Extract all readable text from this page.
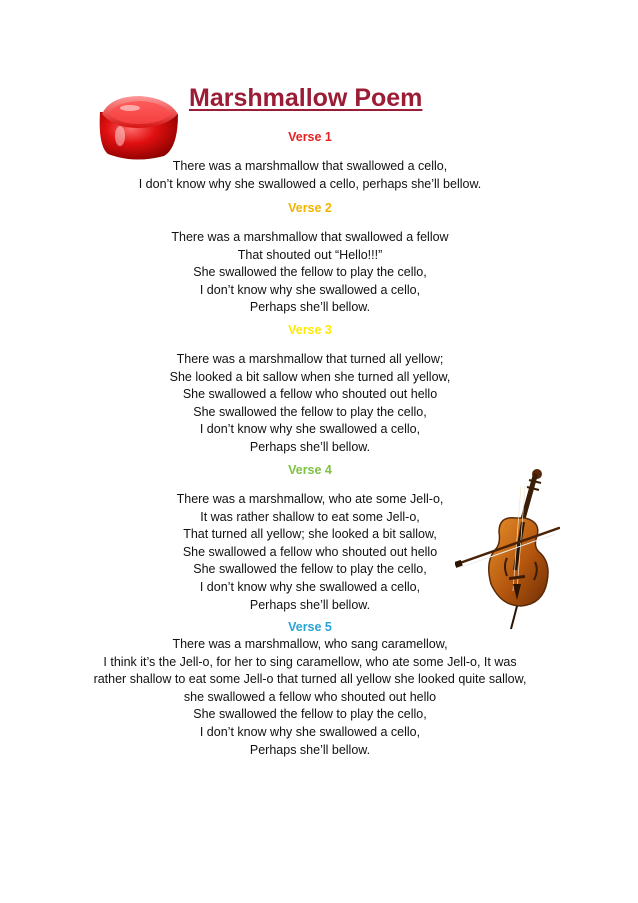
Marshmallow Poem
Verse 1
There was a marshmallow that swallowed a cello,
I don’t know why she swallowed a cello, perhaps she’ll bellow.
Verse 2
There was a marshmallow that swallowed a fellow
That shouted out “Hello!!!”
She swallowed the fellow to play the cello,
I don’t know why she swallowed a cello,
Perhaps she’ll bellow.
Verse 3
There was a marshmallow that turned all yellow;
She looked a bit sallow when she turned all yellow,
She swallowed a fellow who shouted out hello
She swallowed the fellow to play the cello,
I don’t know why she swallowed a cello,
Perhaps she’ll bellow.
Verse 4
There was a marshmallow, who ate some Jell-o,
It was rather shallow to eat some Jell-o,
That turned all yellow; she looked a bit sallow,
She swallowed a fellow who shouted out hello
She swallowed the fellow to play the cello,
I don’t know why she swallowed a cello,
Perhaps she’ll bellow.
Verse 5
There was a marshmallow, who sang caramellow,
I think it’s the Jell-o, for her to sing caramellow, who ate some Jell-o, It was
rather shallow to eat some Jell-o that turned all yellow she looked quite sallow,
she swallowed a fellow who shouted out hello
She swallowed the fellow to play the cello,
I don’t know why she swallowed a cello,
Perhaps she’ll bellow.
